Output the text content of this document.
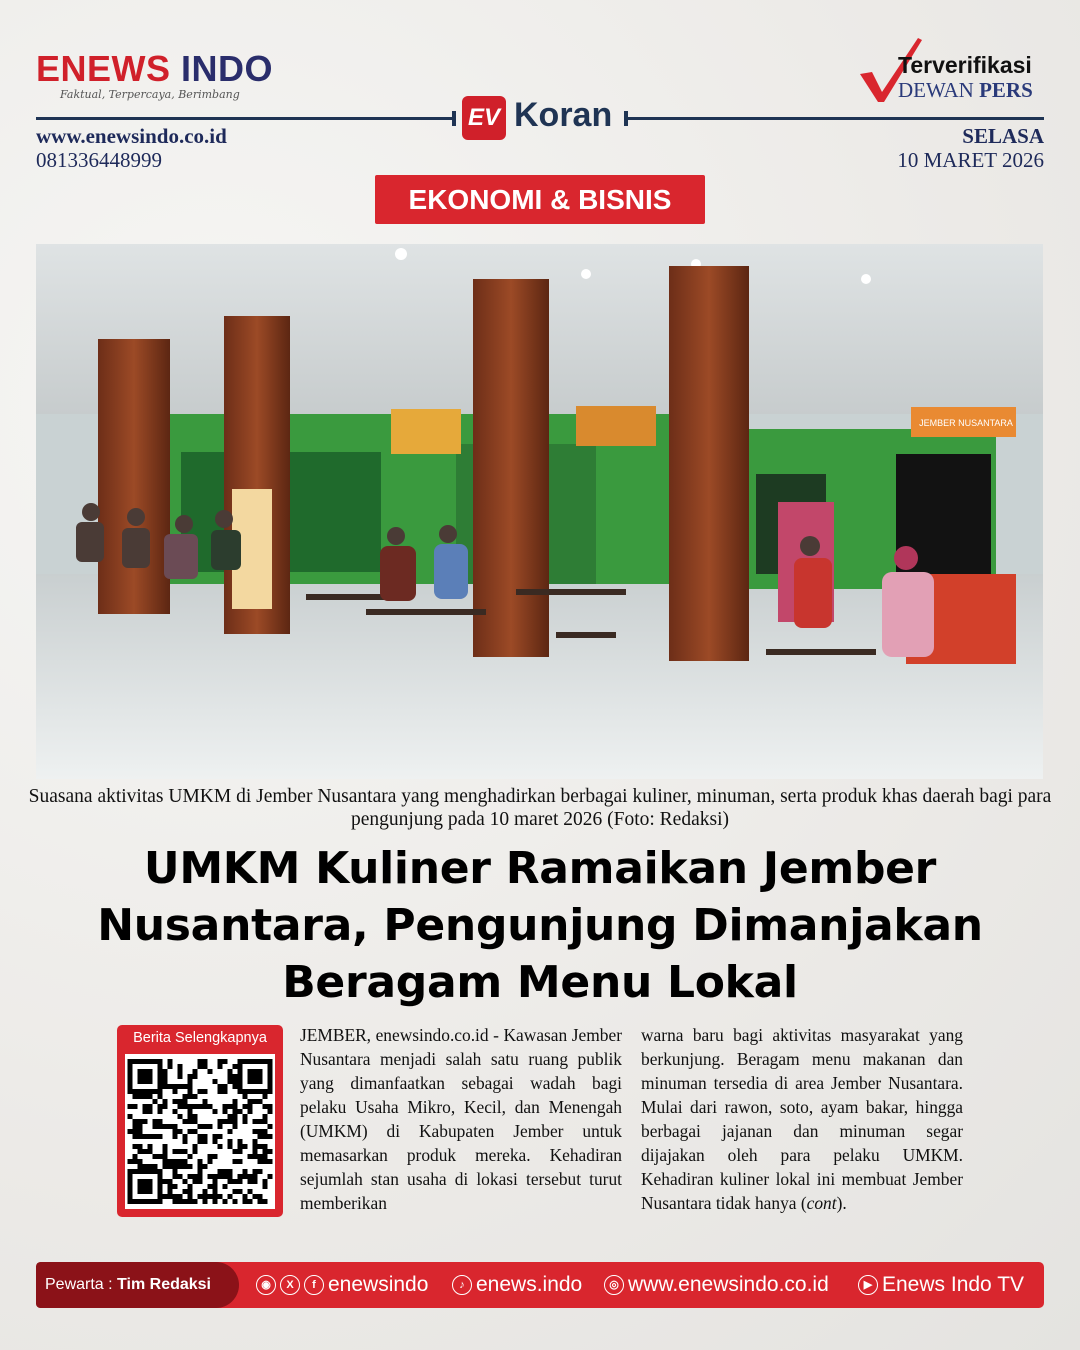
ENEWS INDO
Faktual, Terpercaya, Berimbang
www.enewsindo.co.id
081336448999
EV Koran
Terverifikasi
DEWAN PERS
SELASA
10 MARET 2026
EKONOMI & BISNIS
JEMBER NUSANTARA
Suasana aktivitas UMKM di Jember Nusantara yang menghadirkan berbagai kuliner, minuman, serta produk khas daerah bagi para pengunjung pada 10 maret 2026 (Foto: Redaksi)
UMKM Kuliner Ramaikan Jember Nusantara, Pengunjung Dimanjakan Beragam Menu Lokal
Berita Selengkapnya	JEMBER, enewsindo.co.id - Kawasan Jember Nusantara menjadi salah satu ruang publik yang dimanfaatkan sebagai wadah bagi pelaku Usaha Mikro, Kecil, dan Menengah (UMKM) di Kabupaten Jember untuk memasarkan produk mereka. Kehadiran sejumlah stan usaha di lokasi tersebut turut memberikan
warna baru bagi aktivitas masyarakat yang berkunjung. Beragam menu makanan dan minuman tersedia di area Jember Nusantara. Mulai dari rawon, soto, ayam bakar, hingga berbagai jajanan dan minuman segar dijajakan oleh para pelaku UMKM. Kehadiran kuliner lokal ini membuat Jember Nusantara tidak hanya (cont).
Pewarta : Tim Redaksi	◉	X	f enewsindo	♪ enews.indo	◎ www.enewsindo.co.id	▶ Enews Indo TV
